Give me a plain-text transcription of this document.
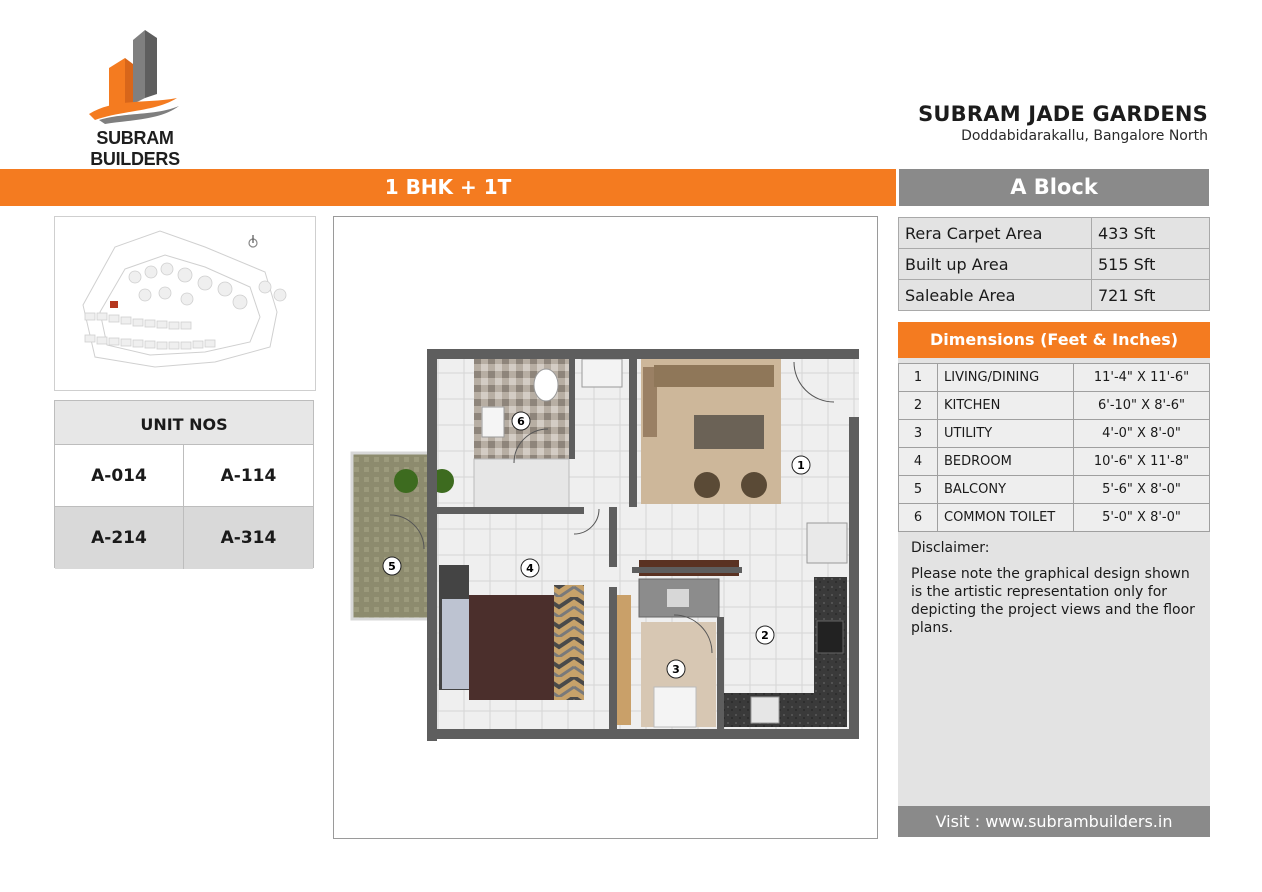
SUBRAM BUILDERS
SUBRAM JADE GARDENS
Doddabidarakallu, Bangalore North
1 BHK + 1T	A Block
UNIT NOS
A-014	A-114
A-214	A-314
1
2
3
4
5
6
Rera Carpet Area	433 Sft
Built up Area	515 Sft
Saleable Area	721 Sft
Dimensions (Feet & Inches)
1	LIVING/DINING	11'-4" X 11'-6"
2	KITCHEN	6'-10" X 8'-6"
3	UTILITY	4'-0" X 8'-0"
4	BEDROOM	10'-6" X 11'-8"
5	BALCONY	5'-6" X 8'-0"
6	COMMON TOILET	5'-0" X 8'-0"
Disclaimer:
Please note the graphical design shown is the artistic representation only for depicting the project views and the floor plans.
Visit : www.subrambuilders.in
